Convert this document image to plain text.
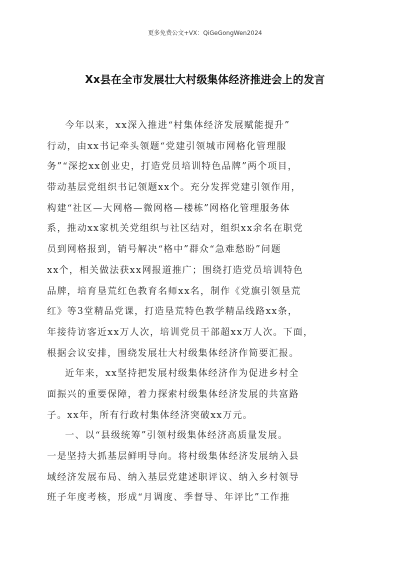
更多免费公文+VX：QiGeGongWen2024
Xx县在全市发展壮大村级集体经济推进会上的发言
今年以来，xx深入推进“村集体经济发展赋能提升”
行动，由xx书记牵头领题“党建引领城市网格化管理服
务”“深挖xx创业史，打造党员培训特色品牌”两个项目，
带动基层党组织书记领题xx个。充分发挥党建引领作用，
构建“社区—大网格—微网格—楼栋”网格化管理服务体
系，推动xx家机关党组织与社区结对，组织xx余名在职党
员到网格报到，销号解决“格中”群众“急难愁盼”问题
xx个，相关做法获xx网报道推广；围绕打造党员培训特色
品牌，培育垦荒红色教育名师xx名，制作《党旗引领垦荒
红》等3堂精品党课，打造垦荒特色教学精品线路xx条，
年接待访客近xx万人次，培训党员干部超xx万人次。下面，
根据会议安排，围绕发展壮大村级集体经济作简要汇报。
近年来，xx坚持把发展村级集体经济作为促进乡村全
面振兴的重要保障，着力探索村级集体经济发展的共富路
子。xx年，所有行政村集体经济突破xx万元。
一、以“县级统筹”引领村级集体经济高质量发展。
一是坚持大抓基层鲜明导向。将村级集体经济发展纳入县
域经济发展布局、纳入基层党建述职评议、纳入乡村领导
班子年度考核，形成“月调度、季督导、年评比”工作推
